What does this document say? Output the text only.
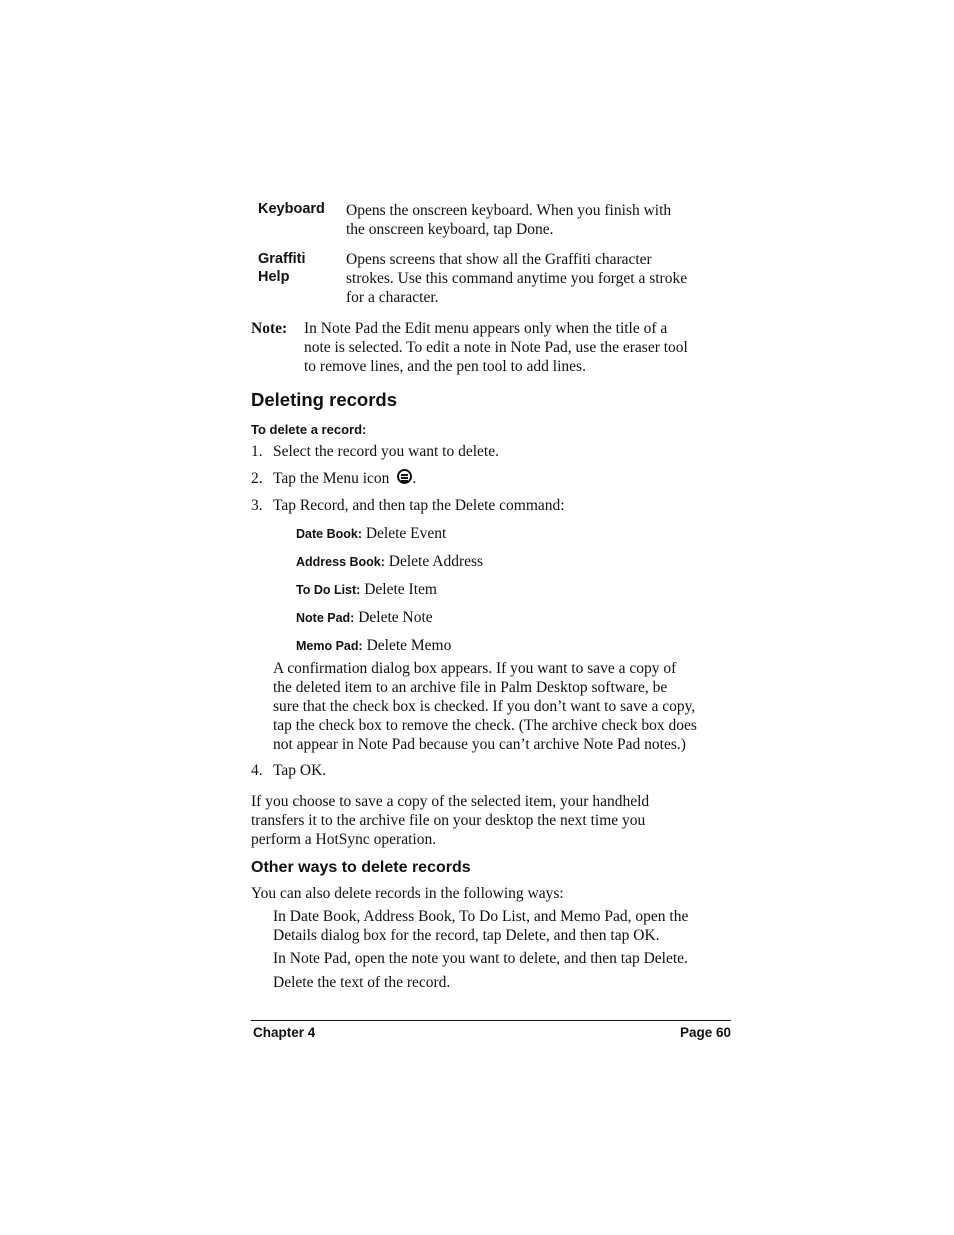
Keyboard Opens the onscreen keyboard. When you finish with
the onscreen keyboard, tap Done.
Graffiti
Help
Opens screens that show all the Graffiti character
strokes. Use this command anytime you forget a stroke
for a character.
Note: In Note Pad the Edit menu appears only when the title of a
note is selected. To edit a note in Note Pad, use the eraser tool
to remove lines, and the pen tool to add lines.
Deleting records
To delete a record:
1. Select the record you want to delete.
2. Tap the Menu icon .
3. Tap Record, and then tap the Delete command:
Date Book: Delete Event
Address Book: Delete Address
To Do List: Delete Item
Note Pad: Delete Note
Memo Pad: Delete Memo
A confirmation dialog box appears. If you want to save a copy of
the deleted item to an archive file in Palm Desktop software, be
sure that the check box is checked. If you don’t want to save a copy,
tap the check box to remove the check. (The archive check box does
not appear in Note Pad because you can’t archive Note Pad notes.)
4. Tap OK.
If you choose to save a copy of the selected item, your handheld
transfers it to the archive file on your desktop the next time you
perform a HotSync operation.
Other ways to delete records
You can also delete records in the following ways:
In Date Book, Address Book, To Do List, and Memo Pad, open the
Details dialog box for the record, tap Delete, and then tap OK.
In Note Pad, open the note you want to delete, and then tap Delete.
Delete the text of the record.
Chapter 4	Page 60
